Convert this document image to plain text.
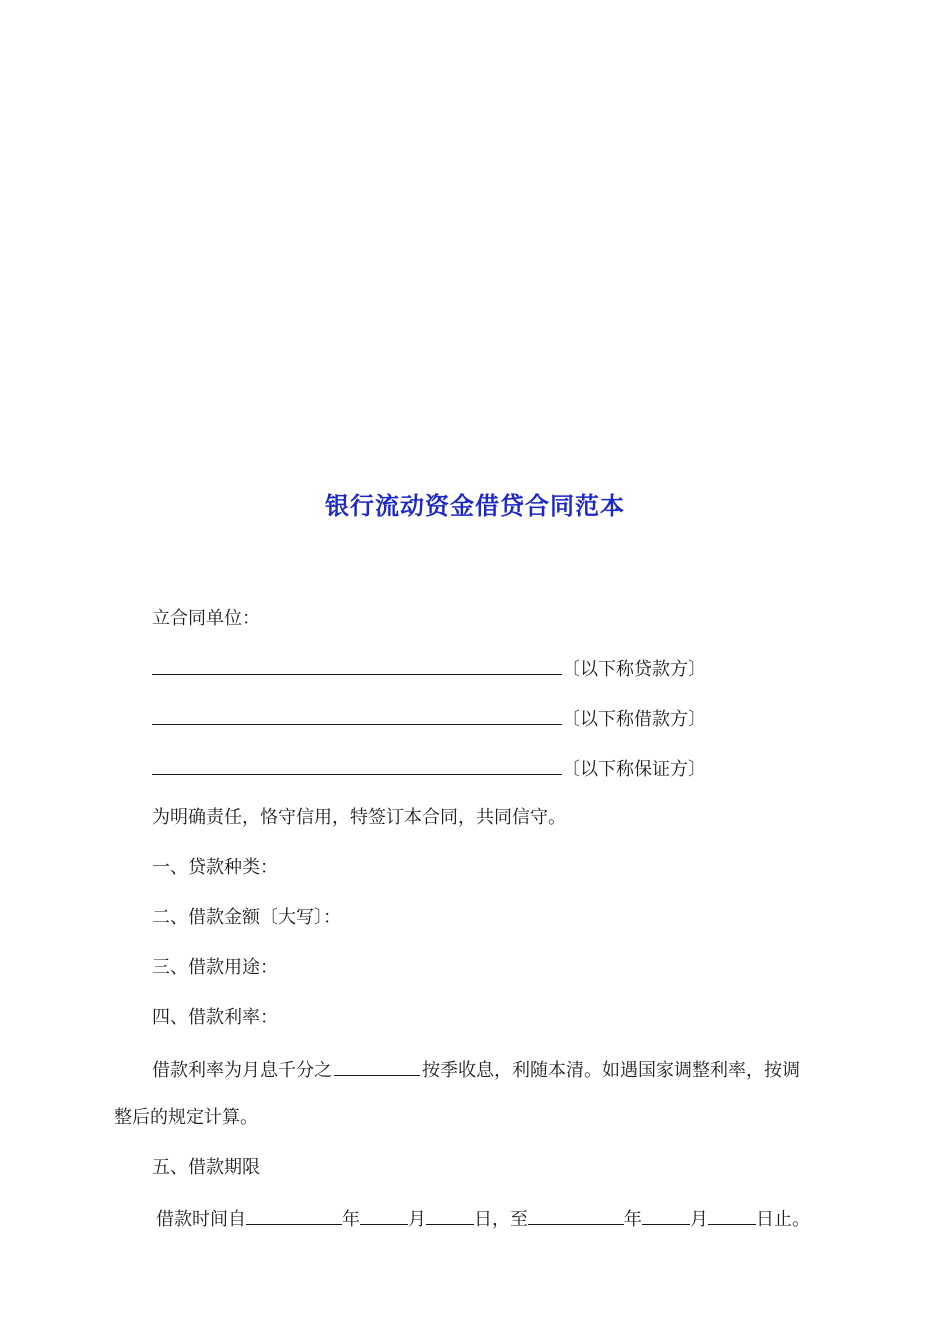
银行流动资金借贷合同范本
立合同单位：
〔以下称贷款方〕
〔以下称借款方〕
〔以下称保证方〕
为明确责任，恪守信用，特签订本合同，共同信守。
一、贷款种类：
二、借款金额〔大写〕：
三、借款用途：
四、借款利率：
借款利率为月息千分之	按季收息，利随本清。如遇国家调整利率，按调
整后的规定计算。
五、借款期限
借款时间自	年	月	日，至	年	月	日止。
